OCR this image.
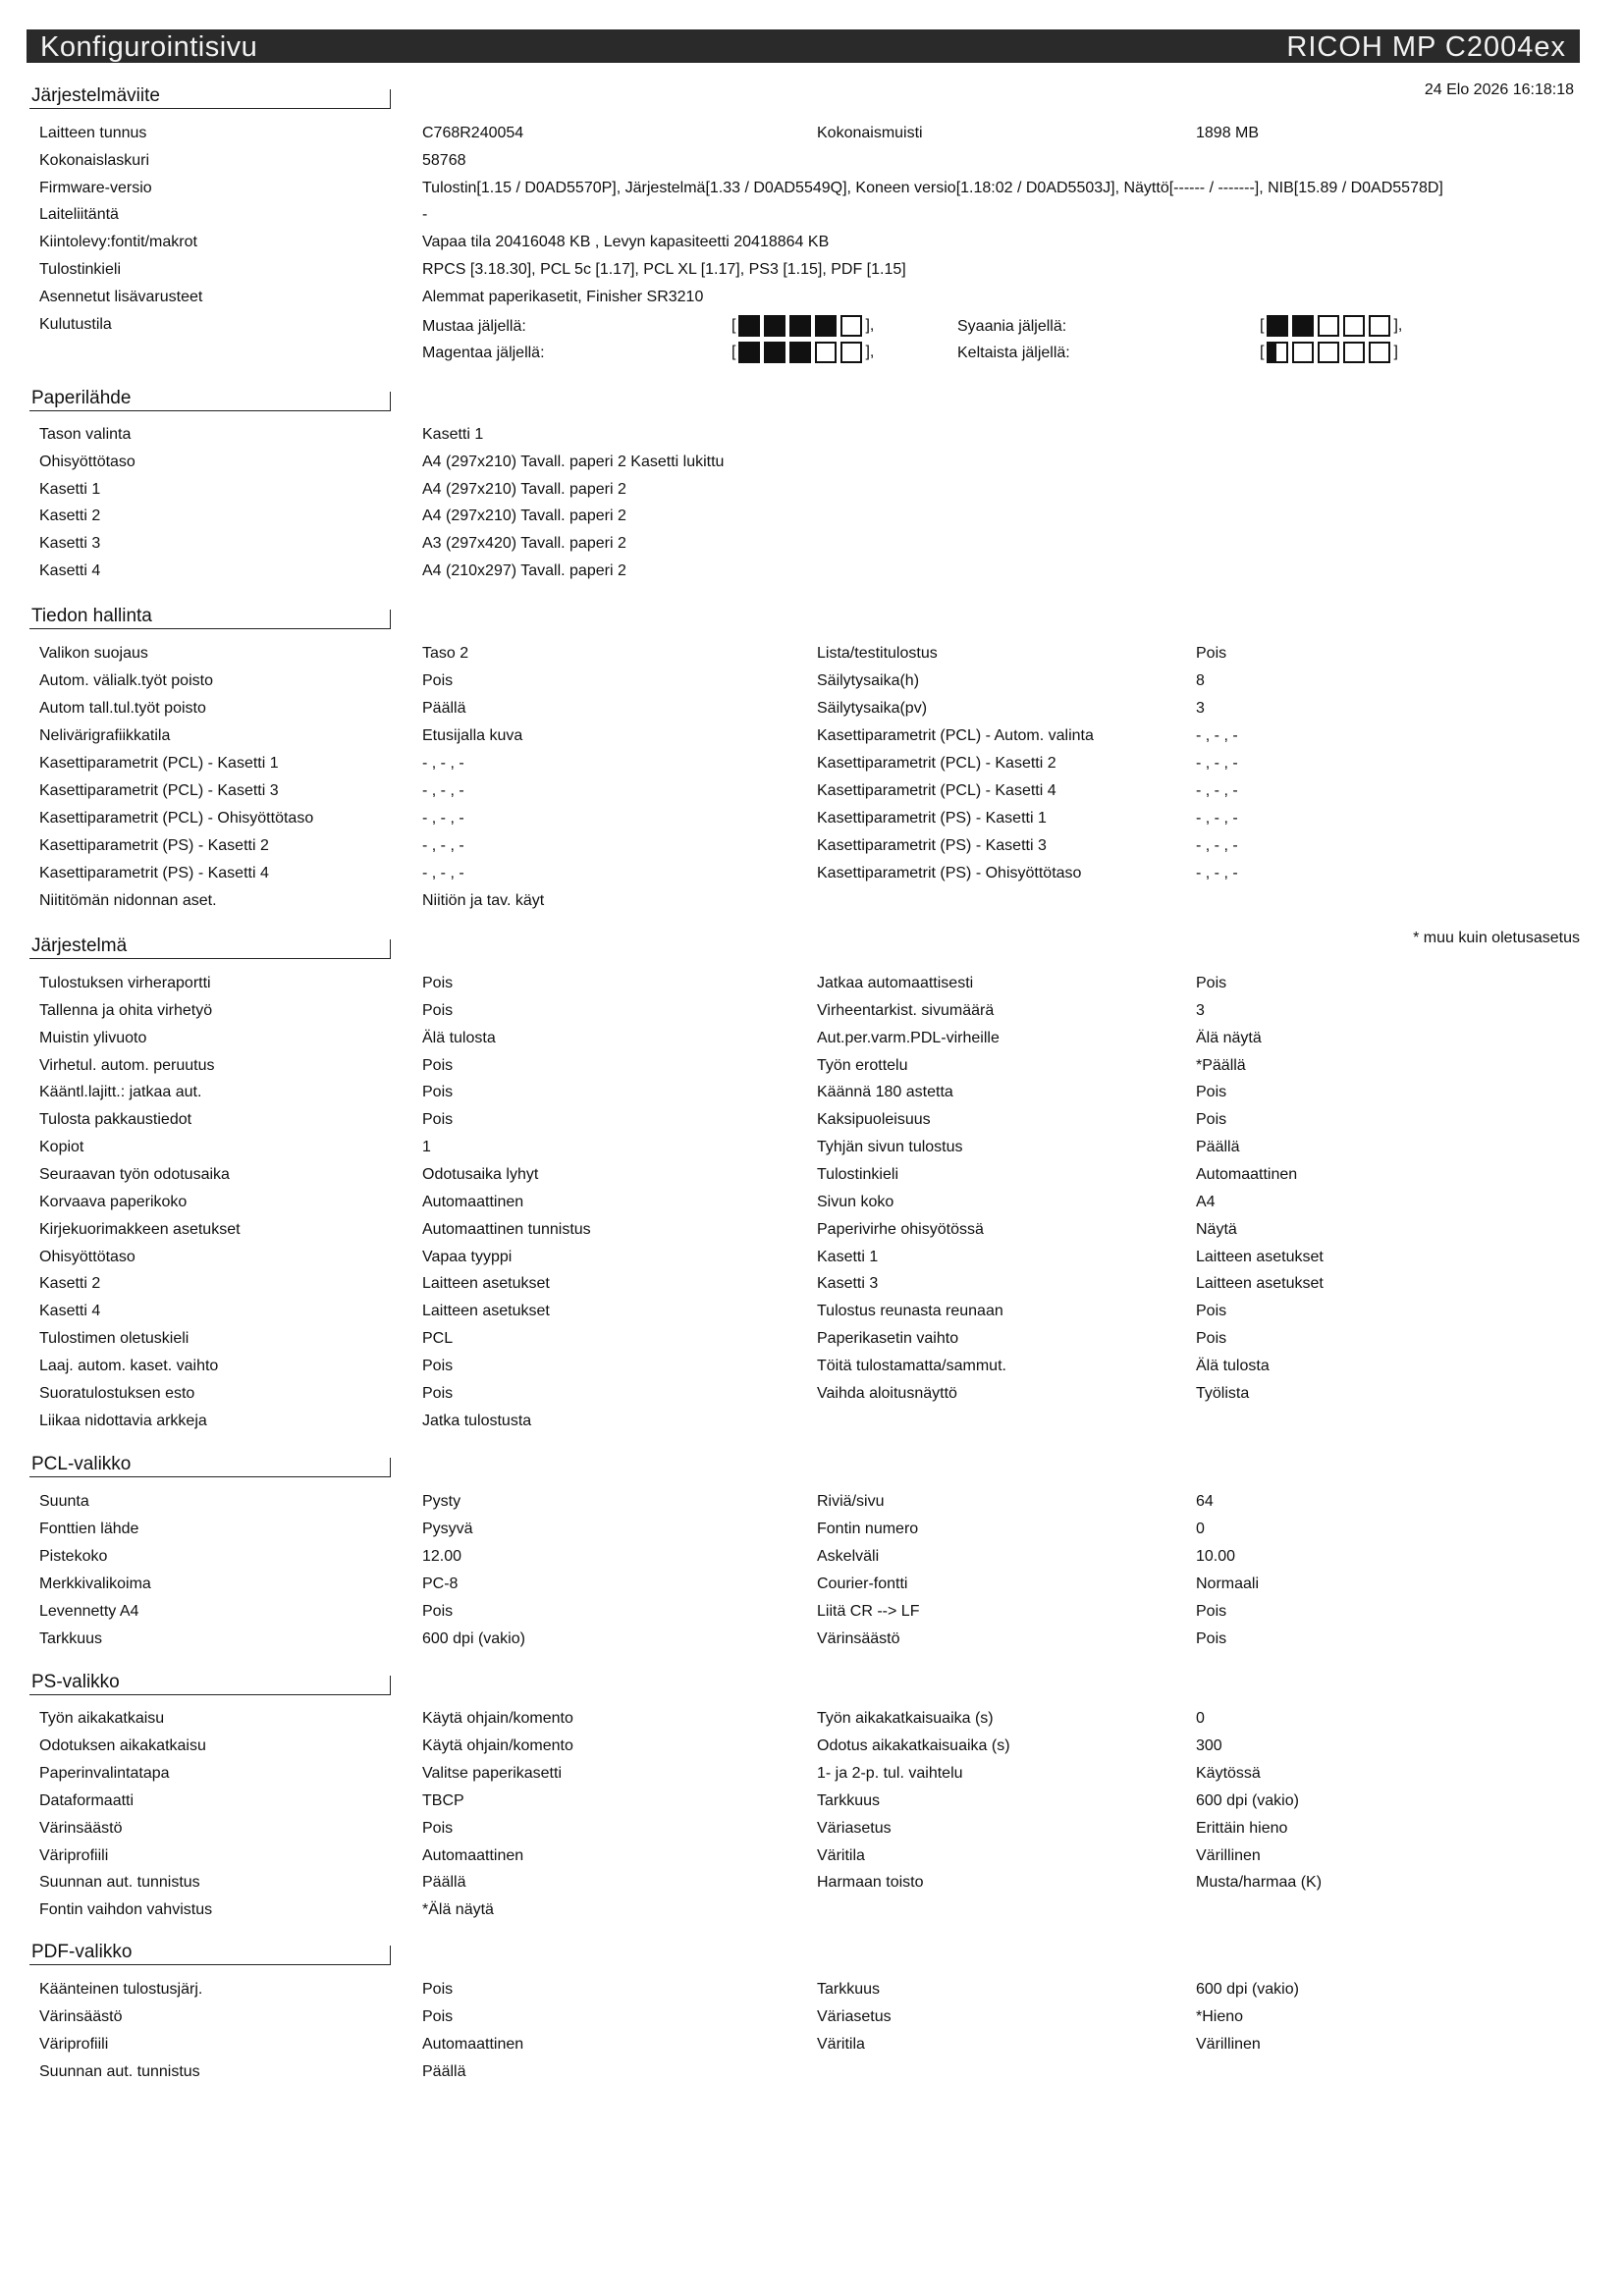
Konfigurointisivu	RICOH MP C2004ex
24 Elo 2026 16:18:18
Järjestelmäviite
Laitteen tunnus	C768R240054	Kokonaismuisti	1898 MB
Kokonaislaskuri	58768
Firmware-versio	Tulostin[1.15 / D0AD5570P], Järjestelmä[1.33 / D0AD5549Q], Koneen versio[1.18:02 / D0AD5503J], Näyttö[------ / -------], NIB[15.89 / D0AD5578D]
Laiteliitäntä	-
Kiintolevy:fontit/makrot	Vapaa tila 20416048 KB , Levyn kapasiteetti 20418864 KB
Tulostinkieli	RPCS [3.18.30], PCL 5c [1.17], PCL XL [1.17], PS3 [1.15], PDF [1.15]
Asennetut lisävarusteet	Alemmat paperikasetit, Finisher SR3210
Kulutustila	Mustaa jäljellä:	[	],	Syaania jäljellä:	[	],
Magentaa jäljellä:	[	],	Keltaista jäljellä:	[	]
Paperilähde
Tason valinta	Kasetti 1
Ohisyöttötaso	A4 (297x210) Tavall. paperi 2 Kasetti lukittu
Kasetti 1	A4 (297x210) Tavall. paperi 2
Kasetti 2	A4 (297x210) Tavall. paperi 2
Kasetti 3	A3 (297x420) Tavall. paperi 2
Kasetti 4	A4 (210x297) Tavall. paperi 2
Tiedon hallinta
Valikon suojaus	Taso 2	Lista/testitulostus	Pois
Autom. välialk.työt poisto	Pois	Säilytysaika(h)	8
Autom tall.tul.työt poisto	Päällä	Säilytysaika(pv)	3
Nelivärigrafiikkatila	Etusijalla kuva	Kasettiparametrit (PCL) - Autom. valinta	- , - , -
Kasettiparametrit (PCL) - Kasetti 1	- , - , -	Kasettiparametrit (PCL) - Kasetti 2	- , - , -
Kasettiparametrit (PCL) - Kasetti 3	- , - , -	Kasettiparametrit (PCL) - Kasetti 4	- , - , -
Kasettiparametrit (PCL) - Ohisyöttötaso	- , - , -	Kasettiparametrit (PS) - Kasetti 1	- , - , -
Kasettiparametrit (PS) - Kasetti 2	- , - , -	Kasettiparametrit (PS) - Kasetti 3	- , - , -
Kasettiparametrit (PS) - Kasetti 4	- , - , -	Kasettiparametrit (PS) - Ohisyöttötaso	- , - , -
Niititömän nidonnan aset.	Niitiön ja tav. käyt
Järjestelmä	* muu kuin oletusasetus
Tulostuksen virheraportti	Pois	Jatkaa automaattisesti	Pois
Tallenna ja ohita virhetyö	Pois	Virheentarkist. sivumäärä	3
Muistin ylivuoto	Älä tulosta	Aut.per.varm.PDL-virheille	Älä näytä
Virhetul. autom. peruutus	Pois	Työn erottelu	*Päällä
Kääntl.lajitt.: jatkaa aut.	Pois	Käännä 180 astetta	Pois
Tulosta pakkaustiedot	Pois	Kaksipuoleisuus	Pois
Kopiot	1	Tyhjän sivun tulostus	Päällä
Seuraavan työn odotusaika	Odotusaika lyhyt	Tulostinkieli	Automaattinen
Korvaava paperikoko	Automaattinen	Sivun koko	A4
Kirjekuorimakkeen asetukset	Automaattinen tunnistus	Paperivirhe ohisyötössä	Näytä
Ohisyöttötaso	Vapaa tyyppi	Kasetti 1	Laitteen asetukset
Kasetti 2	Laitteen asetukset	Kasetti 3	Laitteen asetukset
Kasetti 4	Laitteen asetukset	Tulostus reunasta reunaan	Pois
Tulostimen oletuskieli	PCL	Paperikasetin vaihto	Pois
Laaj. autom. kaset. vaihto	Pois	Töitä tulostamatta/sammut.	Älä tulosta
Suoratulostuksen esto	Pois	Vaihda aloitusnäyttö	Työlista
Liikaa nidottavia arkkeja	Jatka tulostusta
PCL-valikko
Suunta	Pysty	Riviä/sivu	64
Fonttien lähde	Pysyvä	Fontin numero	0
Pistekoko	12.00	Askelväli	10.00
Merkkivalikoima	PC-8	Courier-fontti	Normaali
Levennetty A4	Pois	Liitä CR --> LF	Pois
Tarkkuus	600 dpi (vakio)	Värinsäästö	Pois
PS-valikko
Työn aikakatkaisu	Käytä ohjain/komento	Työn aikakatkaisuaika (s)	0
Odotuksen aikakatkaisu	Käytä ohjain/komento	Odotus aikakatkaisuaika (s)	300
Paperinvalintatapa	Valitse paperikasetti	1- ja 2-p. tul. vaihtelu	Käytössä
Dataformaatti	TBCP	Tarkkuus	600 dpi (vakio)
Värinsäästö	Pois	Väriasetus	Erittäin hieno
Väriprofiili	Automaattinen	Väritila	Värillinen
Suunnan aut. tunnistus	Päällä	Harmaan toisto	Musta/harmaa (K)
Fontin vaihdon vahvistus	*Älä näytä
PDF-valikko
Käänteinen tulostusjärj.	Pois	Tarkkuus	600 dpi (vakio)
Värinsäästö	Pois	Väriasetus	*Hieno
Väriprofiili	Automaattinen	Väritila	Värillinen
Suunnan aut. tunnistus	Päällä
